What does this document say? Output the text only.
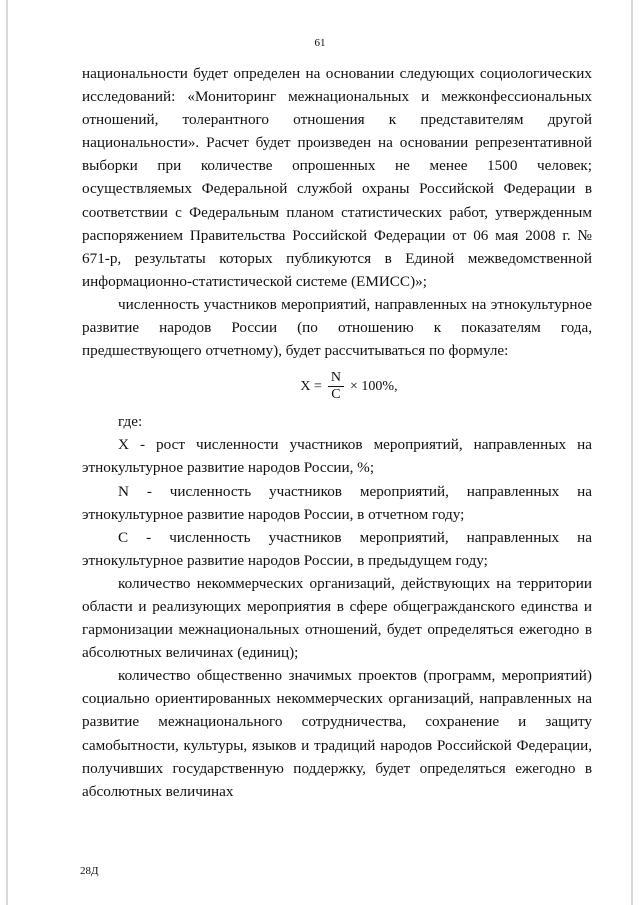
61

национальности будет определен на основании следующих социологических исследований: «Мониторинг межнациональных и межконфессиональных отношений, толерантного отношения к представителям другой национальности». Расчет будет произведен на основании репрезентативной выборки при количестве опрошенных не менее 1500 человек; осуществляемых Федеральной службой охраны Российской Федерации в соответствии с Федеральным планом статистических работ, утвержденным распоряжением Правительства Российской Федерации от 06 мая 2008 г. № 671-р, результаты которых публикуются в Единой межведомственной информационно-статистической системе (ЕМИСС)»;

численность участников мероприятий, направленных на этнокультурное развитие народов России (по отношению к показателям года, предшествующего отчетному), будет рассчитываться по формуле:

$X = \frac{N}{C} \times 100\%$,

где:

X - рост численности участников мероприятий, направленных на этнокультурное развитие народов России, %;

N - численность участников мероприятий, направленных на этнокультурное развитие народов России, в отчетном году;

C - численность участников мероприятий, направленных на этнокультурное развитие народов России, в предыдущем году;

количество некоммерческих организаций, действующих на территории области и реализующих мероприятия в сфере общегражданского единства и гармонизации межнациональных отношений, будет определяться ежегодно в абсолютных величинах (единиц);

количество общественно значимых проектов (программ, мероприятий) социально ориентированных некоммерческих организаций, направленных на развитие межнационального сотрудничества, сохранение и защиту самобытности, культуры, языков и традиций народов Российской Федерации, получивших государственную поддержку, будет определяться ежегодно в абсолютных величинах

28Д
